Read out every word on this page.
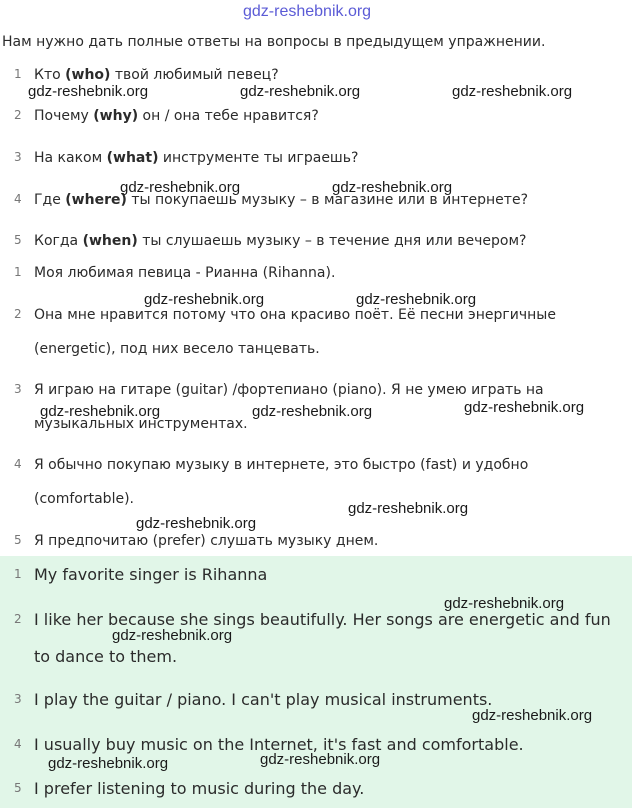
gdz-reshebnik.org
Нам нужно дать полные ответы на вопросы в предыдущем упражнении.
1 Кто (who) твой любимый певец?
2 Почему (why) он / она тебе нравится?
3 На каком (what) инструменте ты играешь?
4 Где (where) ты покупаешь музыку – в магазине или в интернете?
5 Когда (when) ты слушаешь музыку – в течение дня или вечером?
1 Моя любимая певица - Рианна (Rihanna).
2 Она мне нравится потому что она красиво поёт. Её песни энергичные
(energetic), под них весело танцевать.
3 Я играю на гитаре (guitar) /фортепиано (piano). Я не умею играть на
музыкальных инструментах.
4 Я обычно покупаю музыку в интернете, это быстро (fast) и удобно
(comfortable).
5 Я предпочитаю (prefer) слушать музыку днем.
1 My favorite singer is Rihanna
2 I like her because she sings beautifully. Her songs are energetic and fun
to dance to them.
3 I play the guitar / piano. I can't play musical instruments.
4 I usually buy music on the Internet, it's fast and comfortable.
5 I prefer listening to music during the day.
gdz-reshebnik.org	gdz-reshebnik.org	gdz-reshebnik.org
gdz-reshebnik.org	gdz-reshebnik.org
gdz-reshebnik.org	gdz-reshebnik.org
gdz-reshebnik.org	gdz-reshebnik.org	gdz-reshebnik.org
gdz-reshebnik.org
gdz-reshebnik.org
gdz-reshebnik.org
gdz-reshebnik.org
gdz-reshebnik.org
gdz-reshebnik.org	gdz-reshebnik.org
